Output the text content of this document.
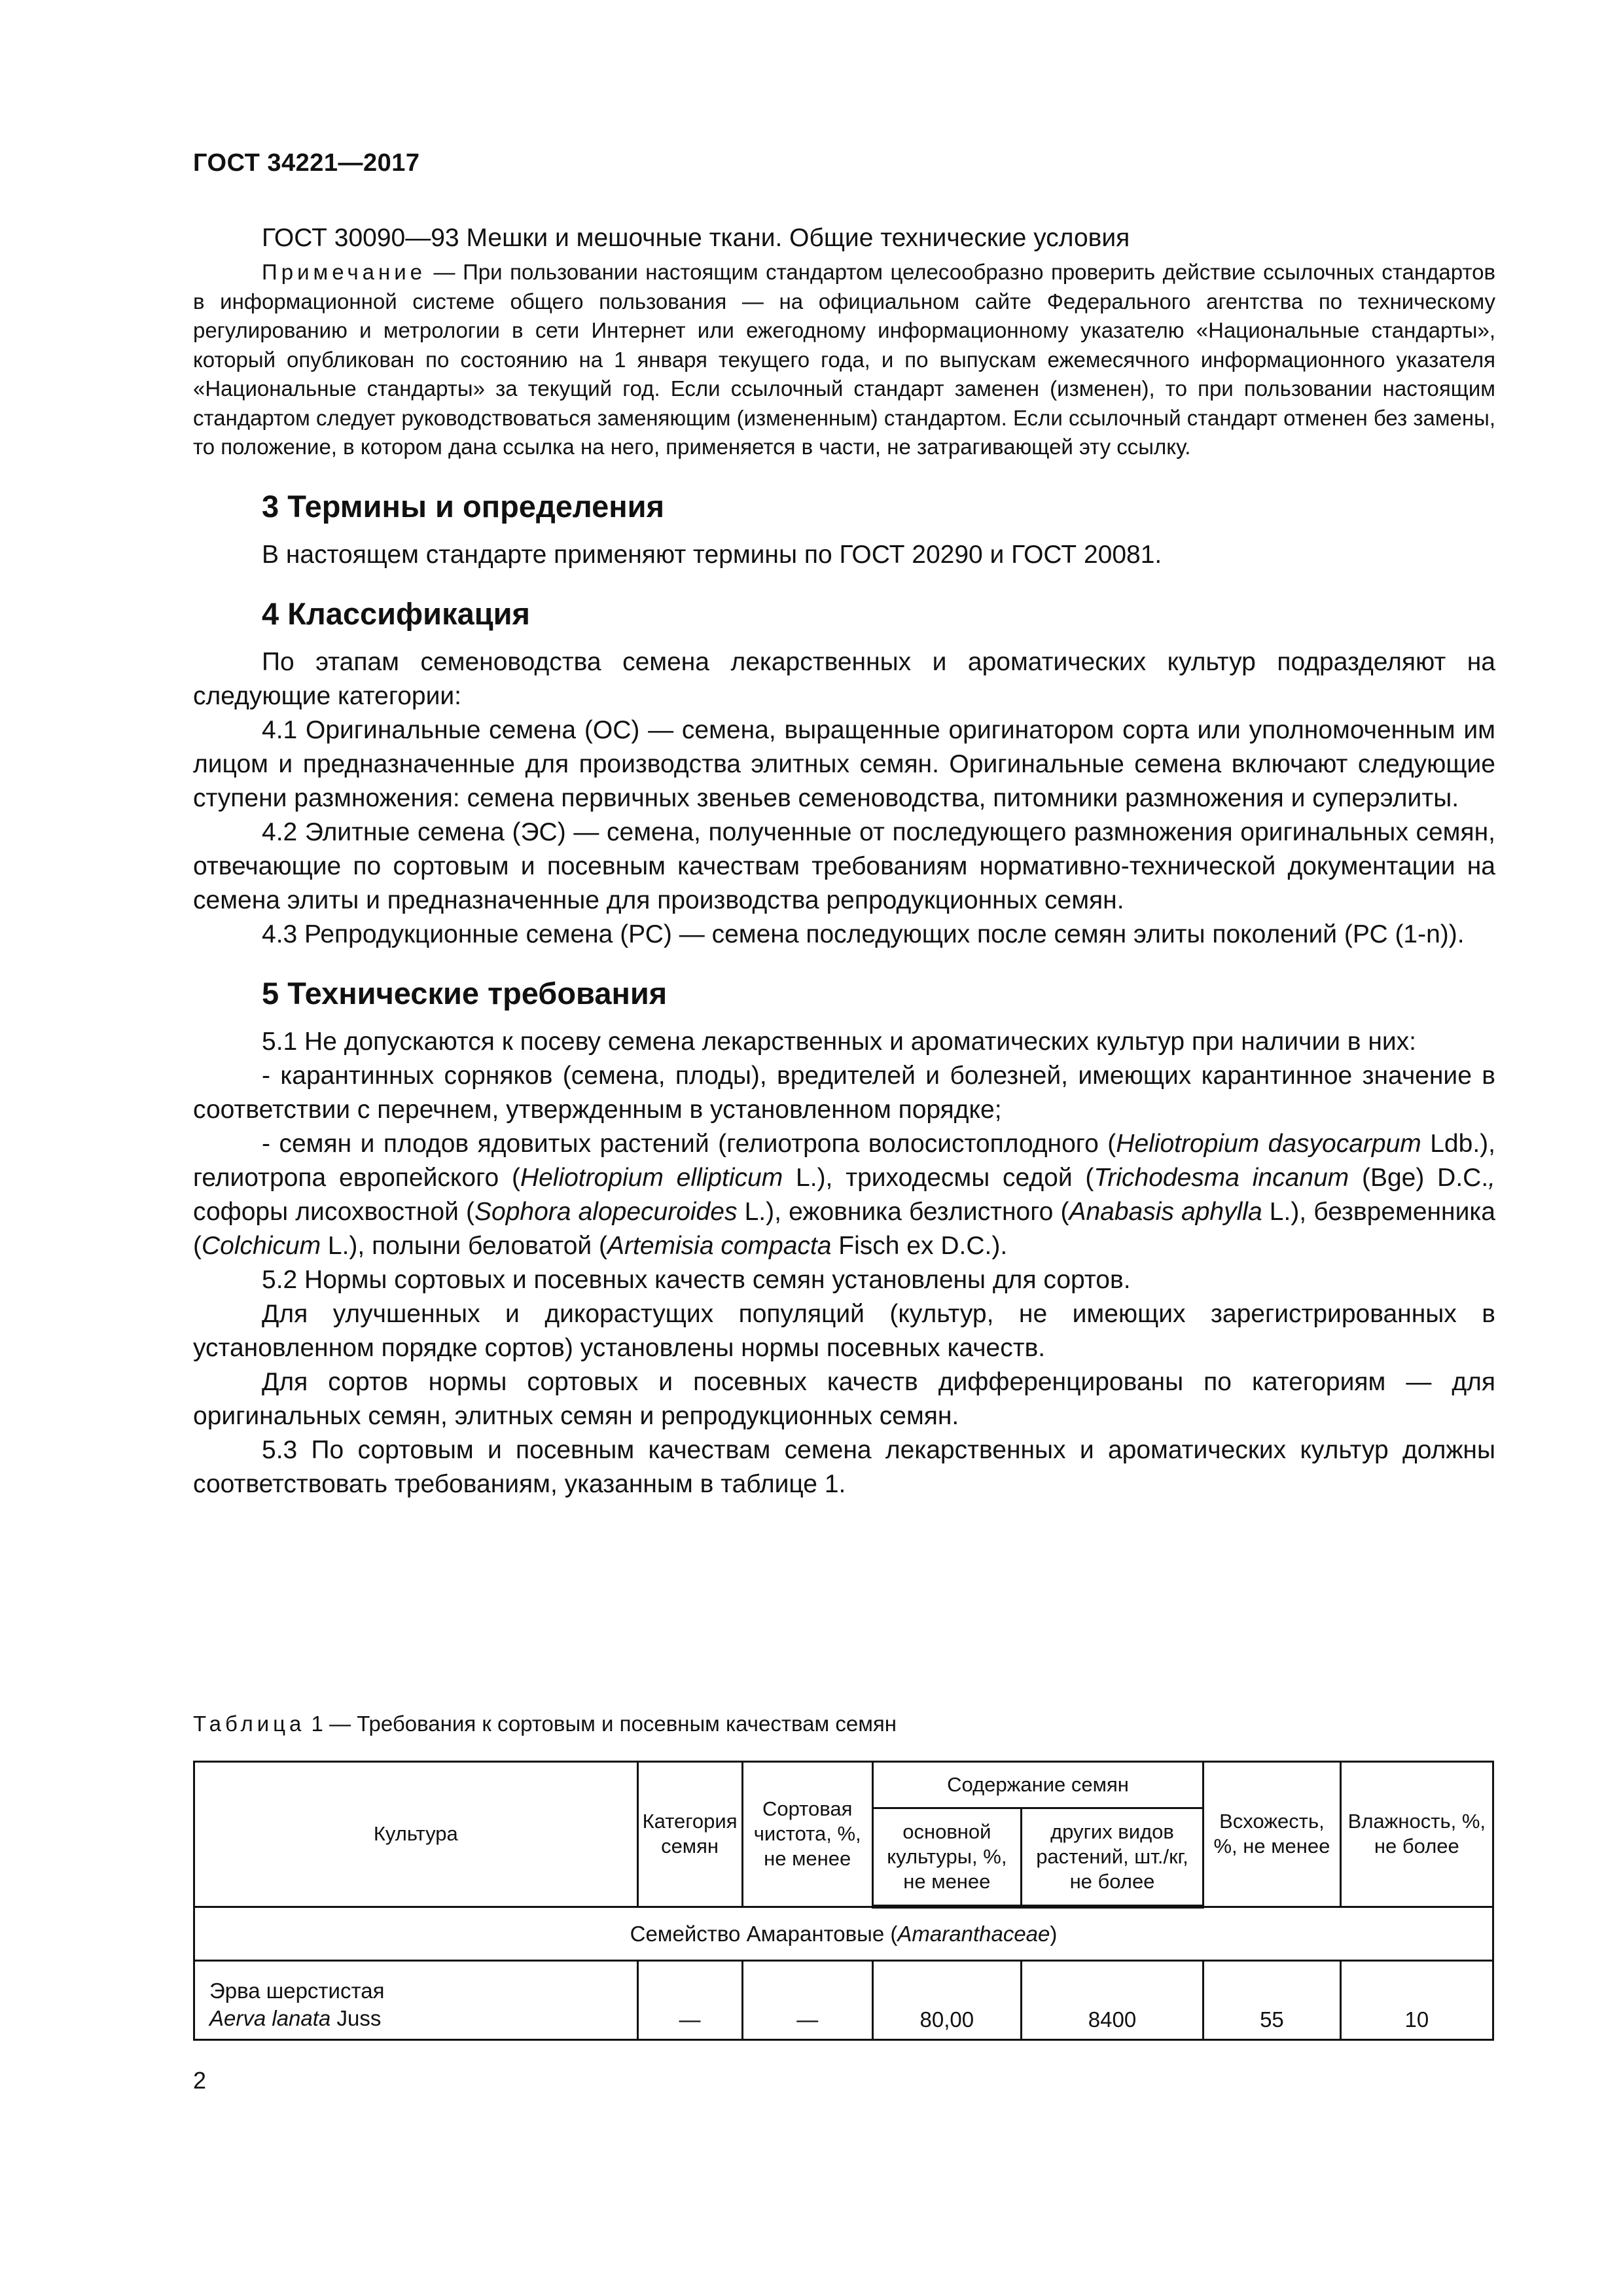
ГОСТ 34221—2017

ГОСТ 30090—93 Мешки и мешочные ткани. Общие технические условия

Примечание — При пользовании настоящим стандартом целесообразно проверить действие ссылочных стандартов в информационной системе общего пользования — на официальном сайте Федерального агентства по техническому регулированию и метрологии в сети Интернет или ежегодному информационному указателю «Национальные стандарты», который опубликован по состоянию на 1 января текущего года, и по выпускам ежемесячного информационного указателя «Национальные стандарты» за текущий год. Если ссылочный стандарт заменен (изменен), то при пользовании настоящим стандартом следует руководствоваться заменяющим (измененным) стандартом. Если ссылочный стандарт отменен без замены, то положение, в котором дана ссылка на него, применяется в части, не затрагивающей эту ссылку.

3 Термины и определения

В настоящем стандарте применяют термины по ГОСТ 20290 и ГОСТ 20081.

4 Классификация

По этапам семеноводства семена лекарственных и ароматических культур подразделяют на следующие категории:

4.1 Оригинальные семена (ОС) — семена, выращенные оригинатором сорта или уполномоченным им лицом и предназначенные для производства элитных семян. Оригинальные семена включают следующие ступени размножения: семена первичных звеньев семеноводства, питомники размножения и суперэлиты.

4.2 Элитные семена (ЭС) — семена, полученные от последующего размножения оригинальных семян, отвечающие по сортовым и посевным качествам требованиям нормативно-технической документации на семена элиты и предназначенные для производства репродукционных семян.

4.3 Репродукционные семена (РС) — семена последующих после семян элиты поколений (РС (1-n)).

5 Технические требования

5.1 Не допускаются к посеву семена лекарственных и ароматических культур при наличии в них:

- карантинных сорняков (семена, плоды), вредителей и болезней, имеющих карантинное значение в соответствии с перечнем, утвержденным в установленном порядке;

- семян и плодов ядовитых растений (гелиотропа волосистоплодного (Heliotropium dasyocarpum Ldb.), гелиотропа европейского (Heliotropium ellipticum L.), триходесмы седой (Trichodesma incanum (Bge) D.C., софоры лисохвостной (Sophora alopecuroides L.), ежовника безлистного (Anabasis aphylla L.), безвременника (Colchicum L.), полыни беловатой (Artemisia compacta Fisch ex D.C.).

5.2 Нормы сортовых и посевных качеств семян установлены для сортов.

Для улучшенных и дикорастущих популяций (культур, не имеющих зарегистрированных в установленном порядке сортов) установлены нормы посевных качеств.

Для сортов нормы сортовых и посевных качеств дифференцированы по категориям — для оригинальных семян, элитных семян и репродукционных семян.

5.3 По сортовым и посевным качествам семена лекарственных и ароматических культур должны соответствовать требованиям, указанным в таблице 1.

Таблица 1 — Требования к сортовым и посевным качествам семян
Культура	Категория семян	Сортовая чистота, %, не менее	Содержание семян		Всхожесть, %, не менее	Влажность, %, не более
			основной культуры, %, не менее	других видов растений, шт./кг, не более		
Семейство Амарантовые (Amaranthaceae)						
Эрва шерстистая
Aerva lanata Juss	—	—	80,00	8400	55	10
2
